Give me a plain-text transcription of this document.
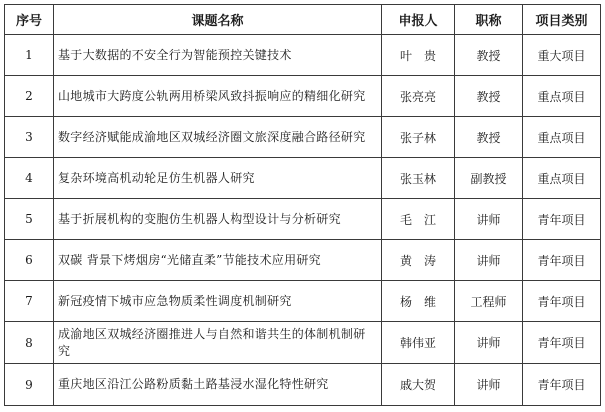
序号	课题名称	申报人	职称	项目类别
1	基于大数据的不安全行为智能预控关键技术	叶　贵	教授	重大项目
2	山地城市大跨度公轨两用桥梁风致抖振响应的精细化研究	张亮亮	教授	重点项目
3	数字经济赋能成渝地区双城经济圈文旅深度融合路径研究	张子林	教授	重点项目
4	复杂环境高机动轮足仿生机器人研究	张玉林	副教授	重点项目
5	基于折展机构的变胞仿生机器人构型设计与分析研究	毛　江	讲师	青年项目
6	双碳 背景下烤烟房“光储直柔”节能技术应用研究	黄　涛	讲师	青年项目
7	新冠疫情下城市应急物质柔性调度机制研究	杨　维	工程师	青年项目
8	成渝地区双城经济圈推进人与自然和谐共生的体制机制研究	韩伟亚	讲师	青年项目
9	重庆地区沿江公路粉质黏土路基浸水湿化特性研究	戚大贺	讲师	青年项目
